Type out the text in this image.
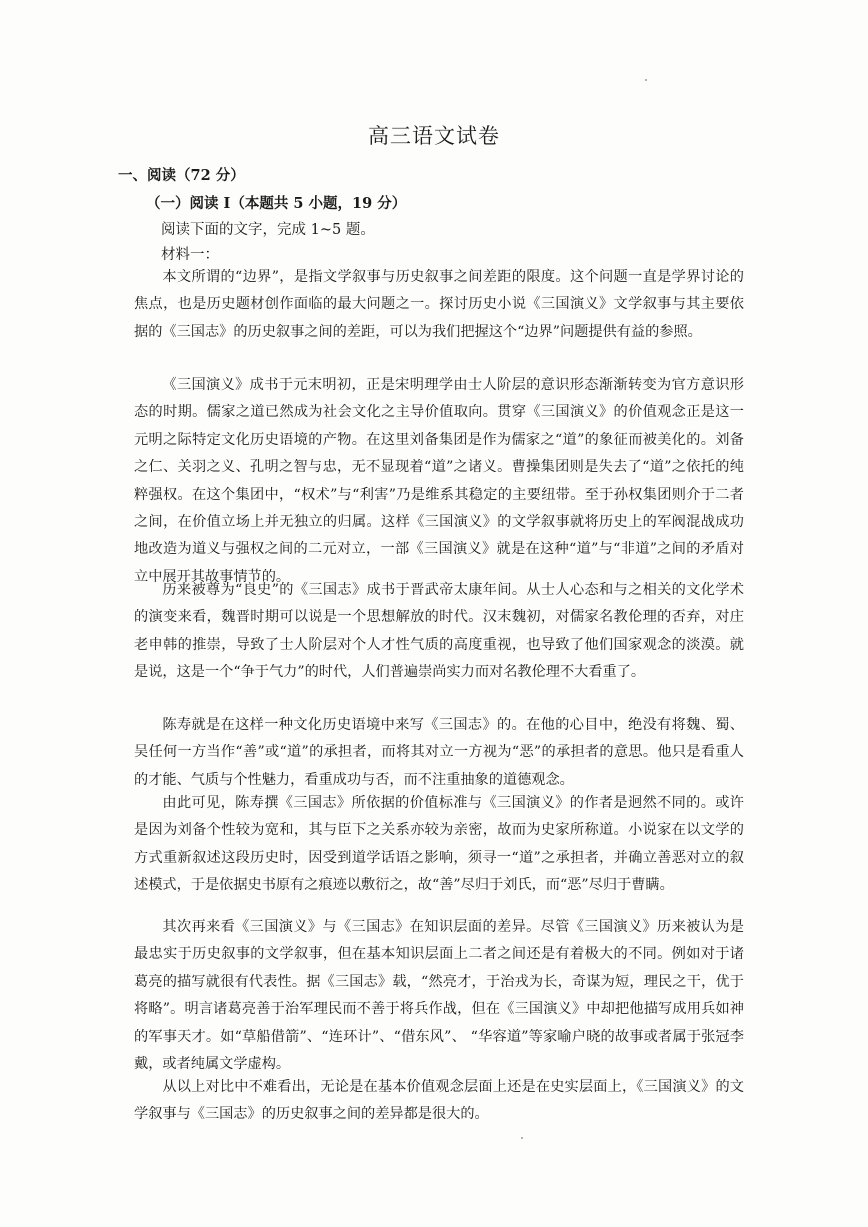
高三语文试卷
一、阅读（72 分）
（一）阅读 I（本题共 5 小题，19 分）
阅读下面的文字，完成 1~5 题。
材料一：

本文所谓的“边界”，是指文学叙事与历史叙事之间差距的限度。这个问题一直是学界讨论的焦点，也是历史题材创作面临的最大问题之一。探讨历史小说《三国演义》文学叙事与其主要依据的《三国志》的历史叙事之间的差距，可以为我们把握这个“边界”问题提供有益的参照。

《三国演义》成书于元末明初，正是宋明理学由士人阶层的意识形态渐渐转变为官方意识形态的时期。儒家之道已然成为社会文化之主导价值取向。贯穿《三国演义》的价值观念正是这一元明之际特定文化历史语境的产物。在这里刘备集团是作为儒家之“道”的象征而被美化的。刘备之仁、关羽之义、孔明之智与忠，无不显现着“道”之诸义。曹操集团则是失去了“道”之依托的纯粹强权。在这个集团中，“权术”与“利害”乃是维系其稳定的主要纽带。至于孙权集团则介于二者之间，在价值立场上并无独立的归属。这样《三国演义》的文学叙事就将历史上的军阀混战成功地改造为道义与强权之间的二元对立，一部《三国演义》就是在这种“道”与“非道”之间的矛盾对立中展开其故事情节的。

历来被尊为“良史”的《三国志》成书于晋武帝太康年间。从士人心态和与之相关的文化学术的演变来看，魏晋时期可以说是一个思想解放的时代。汉末魏初，对儒家名教伦理的否弃，对庄老申韩的推崇，导致了士人阶层对个人才性气质的高度重视，也导致了他们国家观念的淡漠。就是说，这是一个“争于气力”的时代，人们普遍崇尚实力而对名教伦理不大看重了。

陈寿就是在这样一种文化历史语境中来写《三国志》的。在他的心目中，绝没有将魏、蜀、吴任何一方当作“善”或“道”的承担者，而将其对立一方视为“恶”的承担者的意思。他只是看重人的才能、气质与个性魅力，看重成功与否，而不注重抽象的道德观念。

由此可见，陈寿撰《三国志》所依据的价值标准与《三国演义》的作者是迥然不同的。或许是因为刘备个性较为宽和，其与臣下之关系亦较为亲密，故而为史家所称道。小说家在以文学的方式重新叙述这段历史时，因受到道学话语之影响，须寻一“道”之承担者，并确立善恶对立的叙述模式，于是依据史书原有之痕迹以敷衍之，故“善”尽归于刘氏，而“恶”尽归于曹瞒。

其次再来看《三国演义》与《三国志》在知识层面的差异。尽管《三国演义》历来被认为是最忠实于历史叙事的文学叙事，但在基本知识层面上二者之间还是有着极大的不同。例如对于诸葛亮的描写就很有代表性。据《三国志》载，“然亮才，于治戎为长，奇谋为短，理民之干，优于将略”。明言诸葛亮善于治军理民而不善于将兵作战，但在《三国演义》中却把他描写成用兵如神的军事天才。如“草船借箭”、“连环计”、“借东风”、 “华容道”等家喻户晓的故事或者属于张冠李戴，或者纯属文学虚构。

从以上对比中不难看出，无论是在基本价值观念层面上还是在史实层面上，《三国演义》的文学叙事与《三国志》的历史叙事之间的差异都是很大的。
